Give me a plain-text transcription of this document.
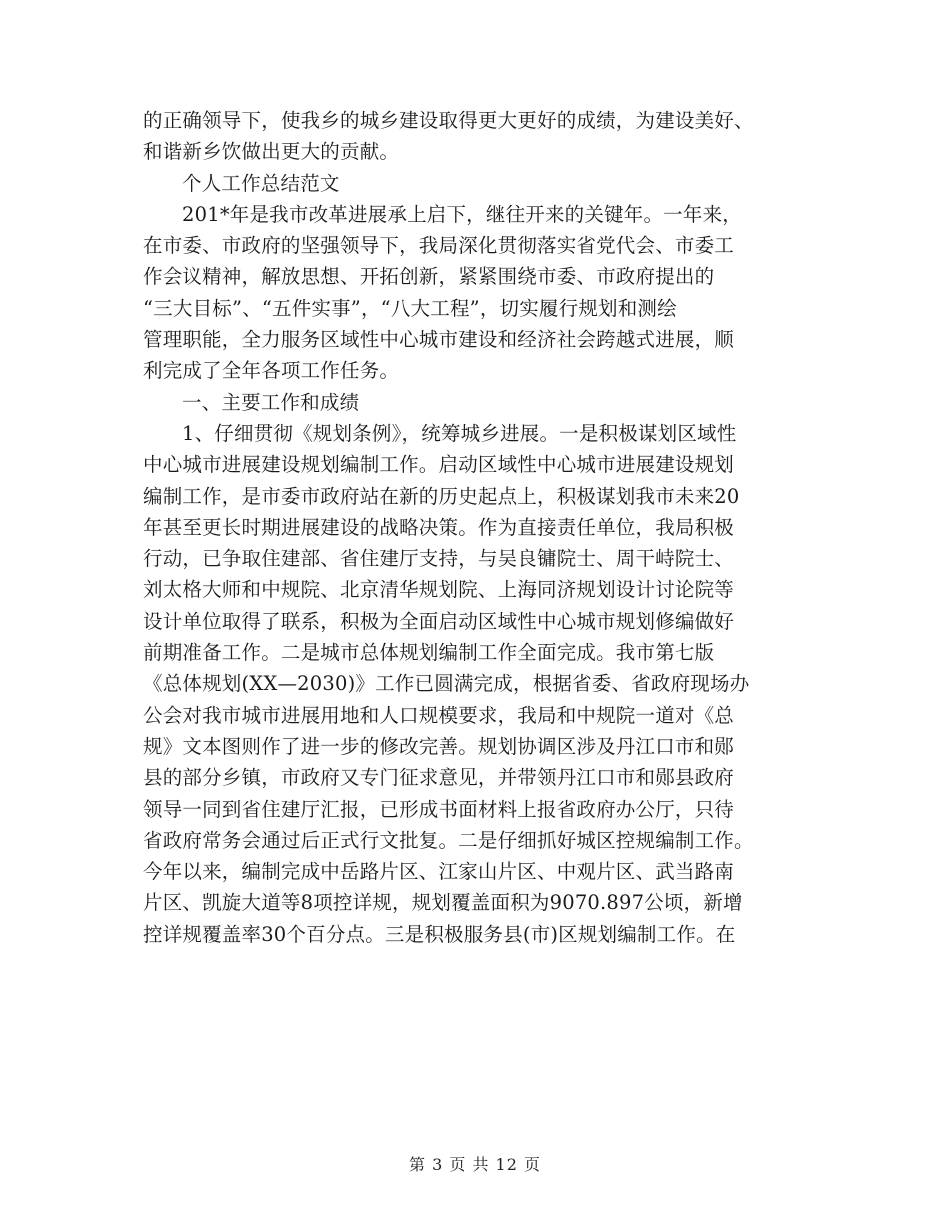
的正确领导下，使我乡的城乡建设取得更大更好的成绩，为建设美好、
和谐新乡饮做出更大的贡献。
个人工作总结范文
201*年是我市改革进展承上启下，继往开来的关键年。一年来，
在市委、市政府的坚强领导下，我局深化贯彻落实省党代会、市委工
作会议精神，解放思想、开拓创新，紧紧围绕市委、市政府提出的
“三大目标”、“五件实事”，“八大工程”，切实履行规划和测绘
管理职能，全力服务区域性中心城市建设和经济社会跨越式进展，顺
利完成了全年各项工作任务。
一、主要工作和成绩
1、仔细贯彻《规划条例》，统筹城乡进展。一是积极谋划区域性
中心城市进展建设规划编制工作。启动区域性中心城市进展建设规划
编制工作，是市委市政府站在新的历史起点上，积极谋划我市未来20
年甚至更长时期进展建设的战略决策。作为直接责任单位，我局积极
行动，已争取住建部、省住建厅支持，与吴良镛院士、周干峙院士、
刘太格大师和中规院、北京清华规划院、上海同济规划设计讨论院等
设计单位取得了联系，积极为全面启动区域性中心城市规划修编做好
前期准备工作。二是城市总体规划编制工作全面完成。我市第七版
《总体规划(XX—2030)》工作已圆满完成，根据省委、省政府现场办
公会对我市城市进展用地和人口规模要求，我局和中规院一道对《总
规》文本图则作了进一步的修改完善。规划协调区涉及丹江口市和郧
县的部分乡镇，市政府又专门征求意见，并带领丹江口市和郧县政府
领导一同到省住建厅汇报，已形成书面材料上报省政府办公厅，只待
省政府常务会通过后正式行文批复。二是仔细抓好城区控规编制工作。
今年以来，编制完成中岳路片区、江家山片区、中观片区、武当路南
片区、凯旋大道等8项控详规，规划覆盖面积为9070.897公顷，新增
控详规覆盖率30个百分点。三是积极服务县(市)区规划编制工作。在
第 3 页 共 12 页
